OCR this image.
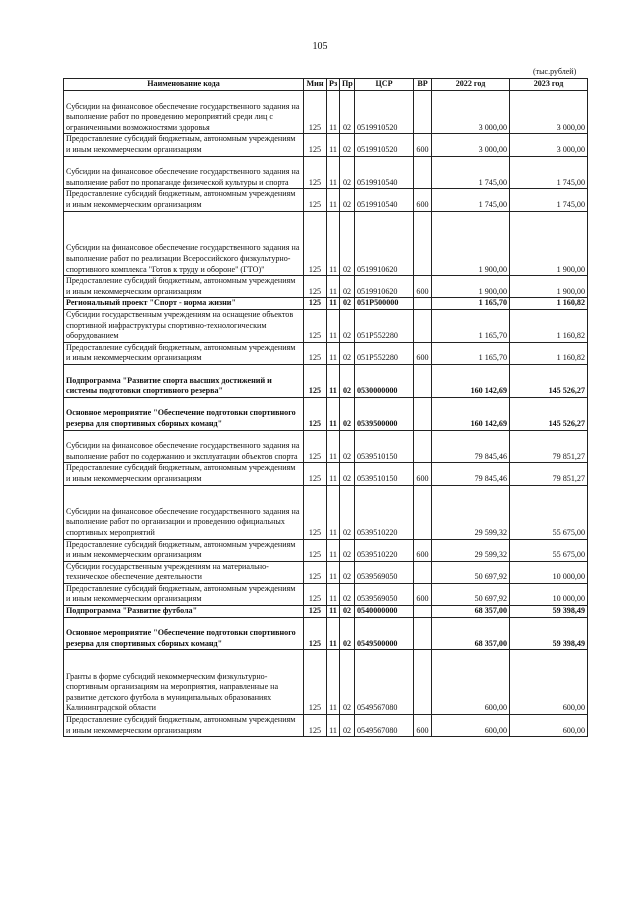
105
(тыс.рублей)
Наименование кода	Мин	Рз	Пр	ЦСР	ВР	2022 год	2023 год
Субсидии на финансовое обеспечение государственного задания на выполнение работ по проведению мероприятий среди лиц с ограниченными возможностями здоровья	125	11	02	0519910520		3 000,00	3 000,00
Предоставление субсидий бюджетным, автономным учреждениям и иным некоммерческим организациям	125	11	02	0519910520	600	3 000,00	3 000,00
Субсидии на финансовое обеспечение государственного задания на выполнение работ по пропаганде физической культуры и спорта	125	11	02	0519910540		1 745,00	1 745,00
Предоставление субсидий бюджетным, автономным учреждениям и иным некоммерческим организациям	125	11	02	0519910540	600	1 745,00	1 745,00
Субсидии на финансовое обеспечение государственного задания на выполнение работ по реализации Всероссийского физкультурно-спортивного комплекса "Готов к труду и обороне" (ГТО)"	125	11	02	0519910620		1 900,00	1 900,00
Предоставление субсидий бюджетным, автономным учреждениям и иным некоммерческим организациям	125	11	02	0519910620	600	1 900,00	1 900,00
Региональный проект "Спорт - норма жизни"	125	11	02	051P500000		1 165,70	1 160,82
Субсидии государственным учреждениям на оснащение объектов спортивной инфраструктуры спортивно-технологическим оборудованием	125	11	02	051P552280		1 165,70	1 160,82
Предоставление субсидий бюджетным, автономным учреждениям и иным некоммерческим организациям	125	11	02	051P552280	600	1 165,70	1 160,82
Подпрограмма "Развитие спорта высших достижений и системы подготовки спортивного резерва"	125	11	02	0530000000		160 142,69	145 526,27
Основное мероприятие "Обеспечение подготовки спортивного резерва для спортивных сборных команд"	125	11	02	0539500000		160 142,69	145 526,27
Субсидии на финансовое обеспечение государственного задания на выполнение работ по содержанию и эксплуатации объектов спорта	125	11	02	0539510150		79 845,46	79 851,27
Предоставление субсидий бюджетным, автономным учреждениям и иным некоммерческим организациям	125	11	02	0539510150	600	79 845,46	79 851,27
Субсидии на финансовое обеспечение государственного задания на выполнение работ по организации и проведению официальных спортивных мероприятий	125	11	02	0539510220		29 599,32	55 675,00
Предоставление субсидий бюджетным, автономным учреждениям и иным некоммерческим организациям	125	11	02	0539510220	600	29 599,32	55 675,00
Субсидии государственным учреждениям на материально-техническое обеспечение деятельности	125	11	02	0539569050		50 697,92	10 000,00
Предоставление субсидий бюджетным, автономным учреждениям и иным некоммерческим организациям	125	11	02	0539569050	600	50 697,92	10 000,00
Подпрограмма "Развитие футбола"	125	11	02	0540000000		68 357,00	59 398,49
Основное мероприятие "Обеспечение подготовки спортивного резерва для спортивных сборных команд"	125	11	02	0549500000		68 357,00	59 398,49
Гранты в форме субсидий некоммерческим физкультурно-спортивным организациям на мероприятия, направленные на развитие детского футбола в муниципальных образованиях Калининградской области	125	11	02	0549567080		600,00	600,00
Предоставление субсидий бюджетным, автономным учреждениям и иным некоммерческим организациям	125	11	02	0549567080	600	600,00	600,00
